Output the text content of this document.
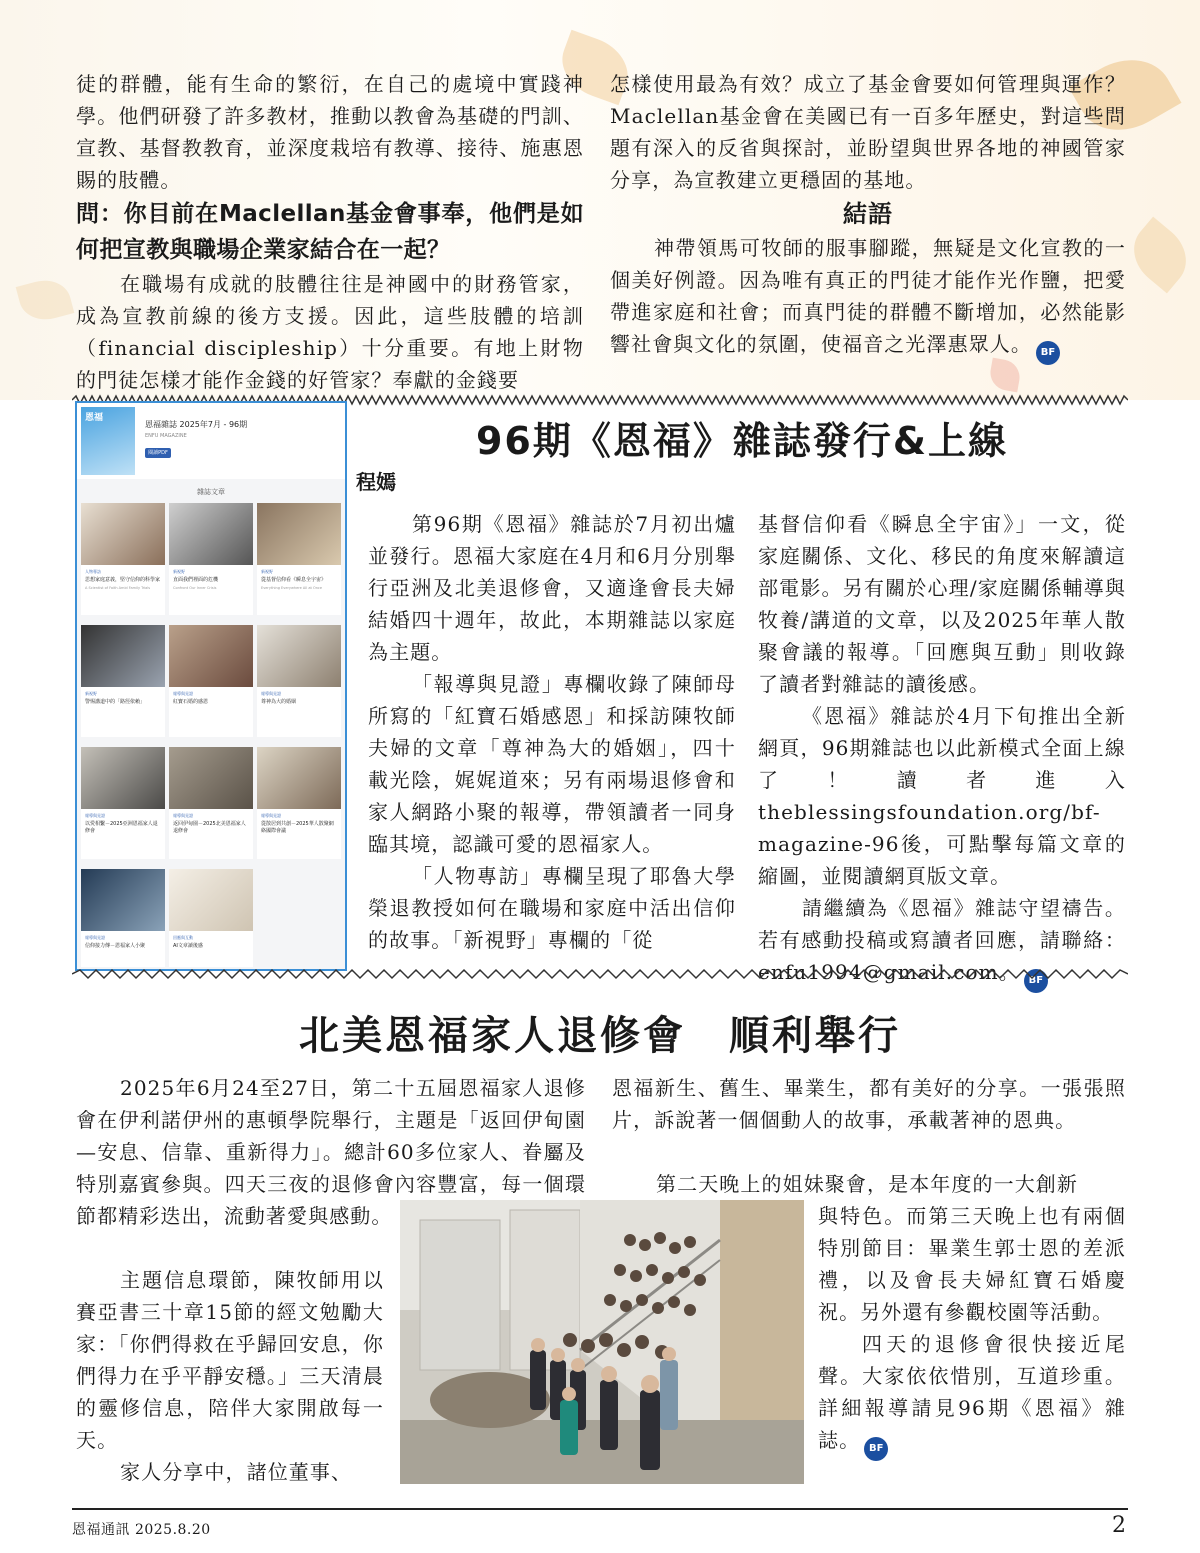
徒的群體，能有生命的繁衍，在自己的處境中實踐神學。他們研發了許多教材，推動以教會為基礎的門訓、宣教、基督教教育，並深度栽培有教導、接待、施惠恩賜的肢體。

問：你目前在Maclellan基金會事奉，他們是如何把宣教與職場企業家結合在一起？

在職場有成就的肢體往往是神國中的財務管家，成為宣教前線的後方支援。因此，這些肢體的培訓（financial discipleship）十分重要。有地上財物的門徒怎樣才能作金錢的好管家？奉獻的金錢要

怎樣使用最為有效？成立了基金會要如何管理與運作？Maclellan基金會在美國已有一百多年歷史，對這些問題有深入的反省與探討，並盼望與世界各地的神國管家分享，為宣教建立更穩固的基地。

結語

神帶領馬可牧師的服事腳蹤，無疑是文化宣教的一個美好例證。因為唯有真正的門徒才能作光作鹽，把愛帶進家庭和社會；而真門徒的群體不斷增加，必然能影響社會與文化的氛圍，使福音之光澤惠眾人。 BF

恩福
恩福雜誌 2025年7月 - 96期
ENFU MAGAZINE
閱讀PDF
雜誌文章
人物專訪
思想家庭意義，堅守信仰的科學家
A Scientist of Faith Amid Family Trials
新視野
直面我們裡面的危機
Confront Our Inner Crisis
新視野
從基督信仰看《瞬息全宇宙》
Everything Everywhere All at Once
新視野
警惕講道中的「路徑依賴」
報導與見證
紅寶石婚的感恩
報導與見證
尊神為大的婚姻
報導與見證
以愛相繫－2025亞洲恩福家人退修會
報導與見證
返回伊甸園－2025北美恩福家人退修會
報導與見證
從散居到共創－2025華人散聚網絡國際會議
報導與見證
信仰接力傳－恩福家人小聚
回應與互動
AI文章讀後感
96期《恩福》雜誌發行&上線
程嫣

第96期《恩福》雜誌於7月初出爐並發行。恩福大家庭在4月和6月分別舉行亞洲及北美退修會，又適逢會長夫婦結婚四十週年，故此，本期雜誌以家庭為主題。

「報導與見證」專欄收錄了陳師母所寫的「紅寶石婚感恩」和採訪陳牧師夫婦的文章「尊神為大的婚姻」，四十載光陰，娓娓道來；另有兩場退修會和家人網路小聚的報導，帶領讀者一同身臨其境，認識可愛的恩福家人。

「人物專訪」專欄呈現了耶魯大學榮退教授如何在職場和家庭中活出信仰的故事。「新視野」專欄的「從

基督信仰看《瞬息全宇宙》」一文，從家庭關係、文化、移民的角度來解讀這部電影。另有關於心理/家庭關係輔導與牧養/講道的文章，以及2025年華人散聚會議的報導。「回應與互動」則收錄了讀者對雜誌的讀後感。

《恩福》雜誌於4月下旬推出全新網頁，96期雜誌也以此新模式全面上線了！讀者進入theblessingsfoundation.org/bf-magazine-96後，可點擊每篇文章的縮圖，並閱讀網頁版文章。

請繼續為《恩福》雜誌守望禱告。若有感動投稿或寫讀者回應，請聯絡：enfu1994@gmail.com。 BF

北美恩福家人退修會　順利舉行

2025年6月24至27日，第二十五屆恩福家人退修會在伊利諾伊州的惠頓學院舉行，主題是「返回伊甸園—安息、信靠、重新得力」。總計60多位家人、眷屬及特別嘉賓參與。四天三夜的退修會內容豐富，每一個環節都精彩迭出，流動著愛與感動。

主題信息環節，陳牧師用以賽亞書三十章15節的經文勉勵大家：「你們得救在乎歸回安息，你們得力在乎平靜安穩。」三天清晨的靈修信息，陪伴大家開啟每一天。

家人分享中，諸位董事、

恩福新生、舊生、畢業生，都有美好的分享。一張張照片，訴說著一個個動人的故事，承載著神的恩典。

第二天晚上的姐妹聚會，是本年度的一大創新

與特色。而第三天晚上也有兩個特別節目：畢業生郭士恩的差派禮，以及會長夫婦紅寶石婚慶祝。另外還有參觀校園等活動。

四天的退修會很快接近尾聲。大家依依惜別，互道珍重。詳細報導請見96期《恩福》雜誌。 BF

恩福通訊 2025.8.20	2
